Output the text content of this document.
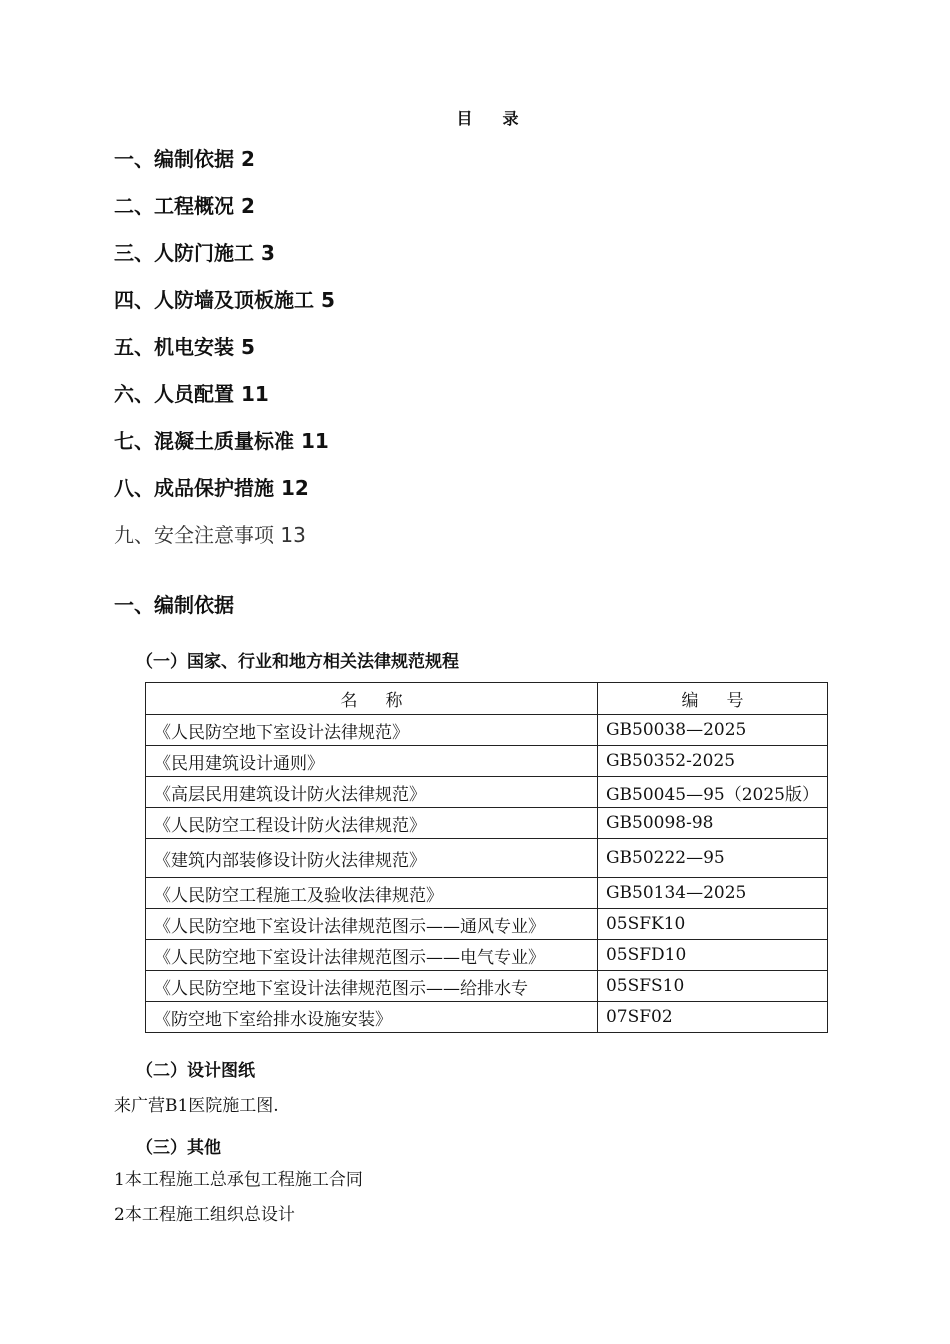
目 录
一、编制依据 2
二、工程概况 2
三、人防门施工 3
四、人防墙及顶板施工 5
五、机电安装 5
六、人员配置 11
七、混凝土质量标准 11
八、成品保护措施 12
九、安全注意事项 13
一、编制依据
（一）国家、行业和地方相关法律规范规程
名 称	编 号
《人民防空地下室设计法律规范》	GB50038—2025
《民用建筑设计通则》	GB50352-2025
《高层民用建筑设计防火法律规范》	GB50045—95（2025版）
《人民防空工程设计防火法律规范》	GB50098-98
《建筑内部装修设计防火法律规范》	GB50222—95
《人民防空工程施工及验收法律规范》	GB50134—2025
《人民防空地下室设计法律规范图示——通风专业》	05SFK10
《人民防空地下室设计法律规范图示——电气专业》	05SFD10
《人民防空地下室设计法律规范图示——给排水专	05SFS10
《防空地下室给排水设施安装》	07SF02
（二）设计图纸
来广营B1医院施工图.
（三）其他
1本工程施工总承包工程施工合同
2本工程施工组织总设计
